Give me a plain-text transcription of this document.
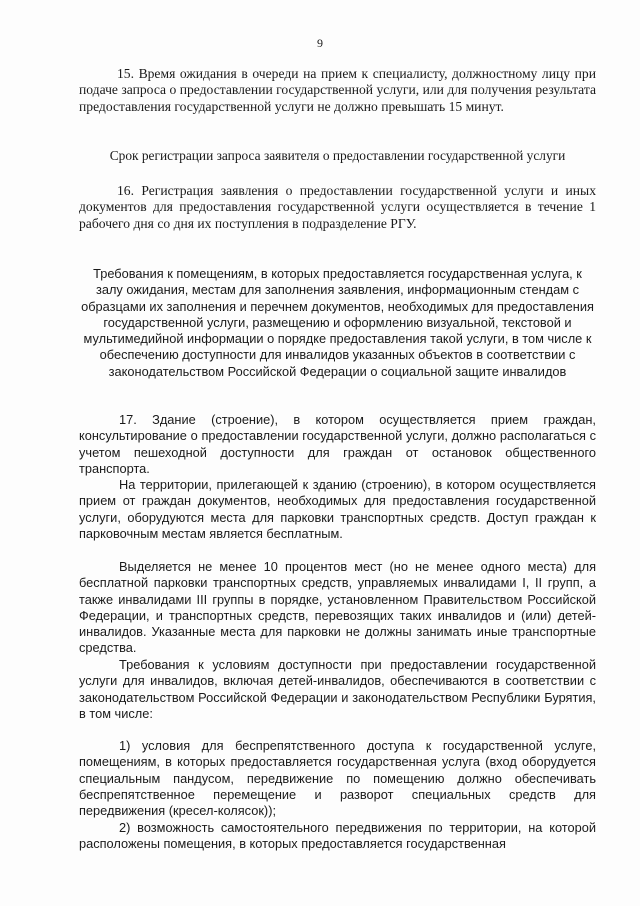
9

15. Время ожидания в очереди на прием к специалисту, должностному лицу при подаче запроса о предоставлении государственной услуги, или для получения результата предоставления государственной услуги не должно превышать 15 минут.

Срок регистрации запроса заявителя о предоставлении государственной услуги

16. Регистрация заявления о предоставлении государственной услуги и иных документов для предоставления государственной услуги осуществляется в течение 1 рабочего дня со дня их поступления в подразделение РГУ.

Требования к помещениям, в которых предоставляется государственная услуга, к залу ожидания, местам для заполнения заявления, информационным стендам с образцами их заполнения и перечнем документов, необходимых для предоставления государственной услуги, размещению и оформлению визуальной, текстовой и мультимедийной информации о порядке предоставления такой услуги, в том числе к обеспечению доступности для инвалидов указанных объектов в соответствии с законодательством Российской Федерации о социальной защите инвалидов

17. Здание (строение), в котором осуществляется прием граждан, консультирование о предоставлении государственной услуги, должно располагаться с учетом пешеходной доступности для граждан от остановок общественного транспорта.

На территории, прилегающей к зданию (строению), в котором осуществляется прием от граждан документов, необходимых для предоставления государственной услуги, оборудуются места для парковки транспортных средств. Доступ граждан к парковочным местам является бесплатным.

Выделяется не менее 10 процентов мест (но не менее одного места) для бесплатной парковки транспортных средств, управляемых инвалидами I, II групп, а также инвалидами III группы в порядке, установленном Правительством Российской Федерации, и транспортных средств, перевозящих таких инвалидов и (или) детей-инвалидов. Указанные места для парковки не должны занимать иные транспортные средства.

Требования к условиям доступности при предоставлении государственной услуги для инвалидов, включая детей-инвалидов, обеспечиваются в соответствии с законодательством Российской Федерации и законодательством Республики Бурятия, в том числе:

1) условия для беспрепятственного доступа к государственной услуге, помещениям, в которых предоставляется государственная услуга (вход оборудуется специальным пандусом, передвижение по помещению должно обеспечивать беспрепятственное перемещение и разворот специальных средств для передвижения (кресел-колясок));

2) возможность самостоятельного передвижения по территории, на которой расположены помещения, в которых предоставляется государственная
